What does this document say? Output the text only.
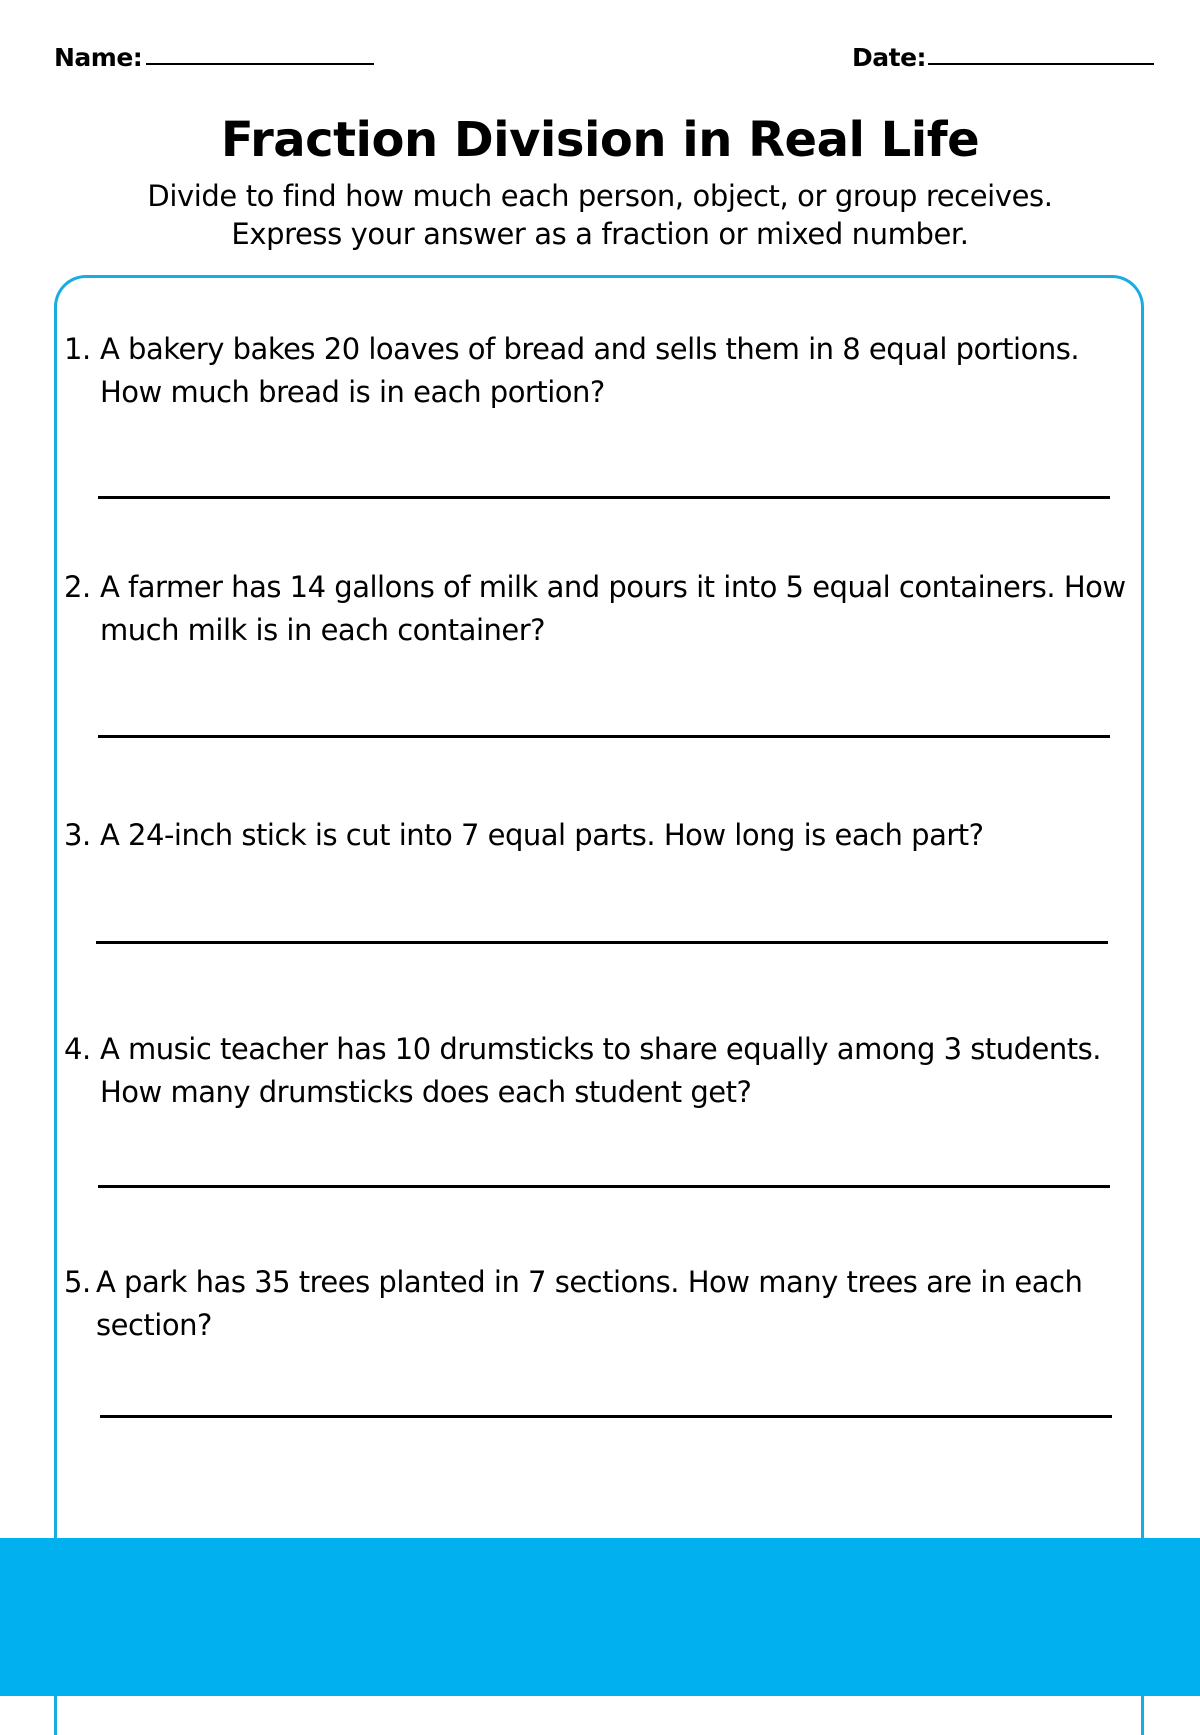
Name:	Date:
Fraction Division in Real Life
Divide to find how much each person, object, or group receives.
Express your answer as a fraction or mixed number.
1. A bakery bakes 20 loaves of bread and sells them in 8 equal portions. How much bread is in each portion?
2. A farmer has 14 gallons of milk and pours it into 5 equal containers. How much milk is in each container?
3. A 24-inch stick is cut into 7 equal parts. How long is each part?
4. A music teacher has 10 drumsticks to share equally among 3 students. How many drumsticks does each student get?
5. A park has 35 trees planted in 7 sections. How many trees are in each section?
